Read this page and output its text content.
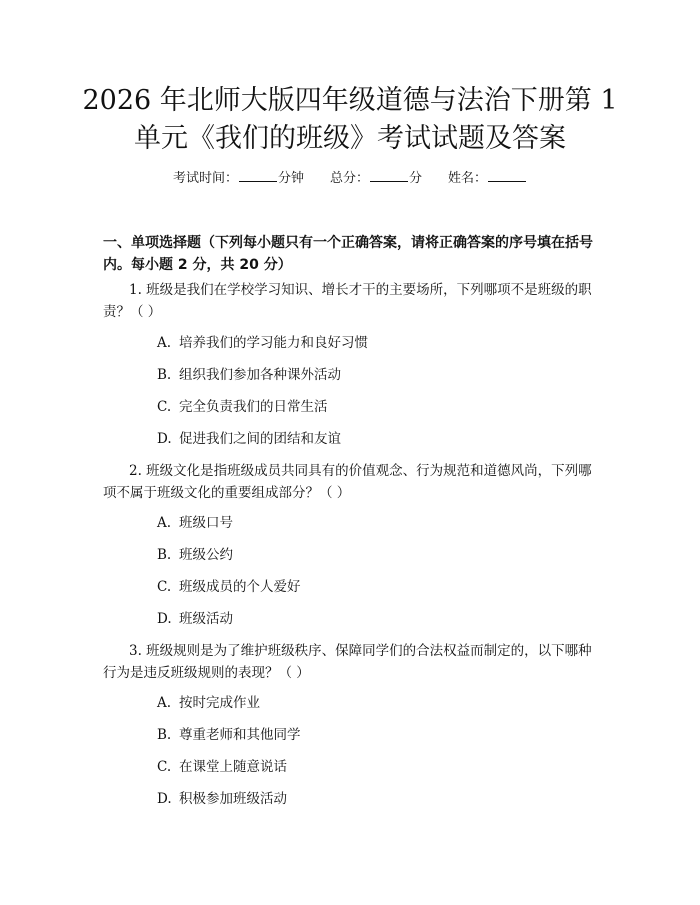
2026 年北师大版四年级道德与法治下册第 1 单元《我们的班级》考试试题及答案
考试时间：	分钟 总分：	分 姓名：
一、单项选择题（下列每小题只有一个正确答案，请将正确答案的序号填在括号内。每小题 2 分，共 20 分）
1. 班级是我们在学校学习知识、增长才干的主要场所，下列哪项不是班级的职责？（ ）
A. 培养我们的学习能力和良好习惯
B. 组织我们参加各种课外活动
C. 完全负责我们的日常生活
D. 促进我们之间的团结和友谊
2. 班级文化是指班级成员共同具有的价值观念、行为规范和道德风尚，下列哪项不属于班级文化的重要组成部分？（ ）
A. 班级口号
B. 班级公约
C. 班级成员的个人爱好
D. 班级活动
3. 班级规则是为了维护班级秩序、保障同学们的合法权益而制定的，以下哪种行为是违反班级规则的表现？（ ）
A. 按时完成作业
B. 尊重老师和其他同学
C. 在课堂上随意说话
D. 积极参加班级活动
